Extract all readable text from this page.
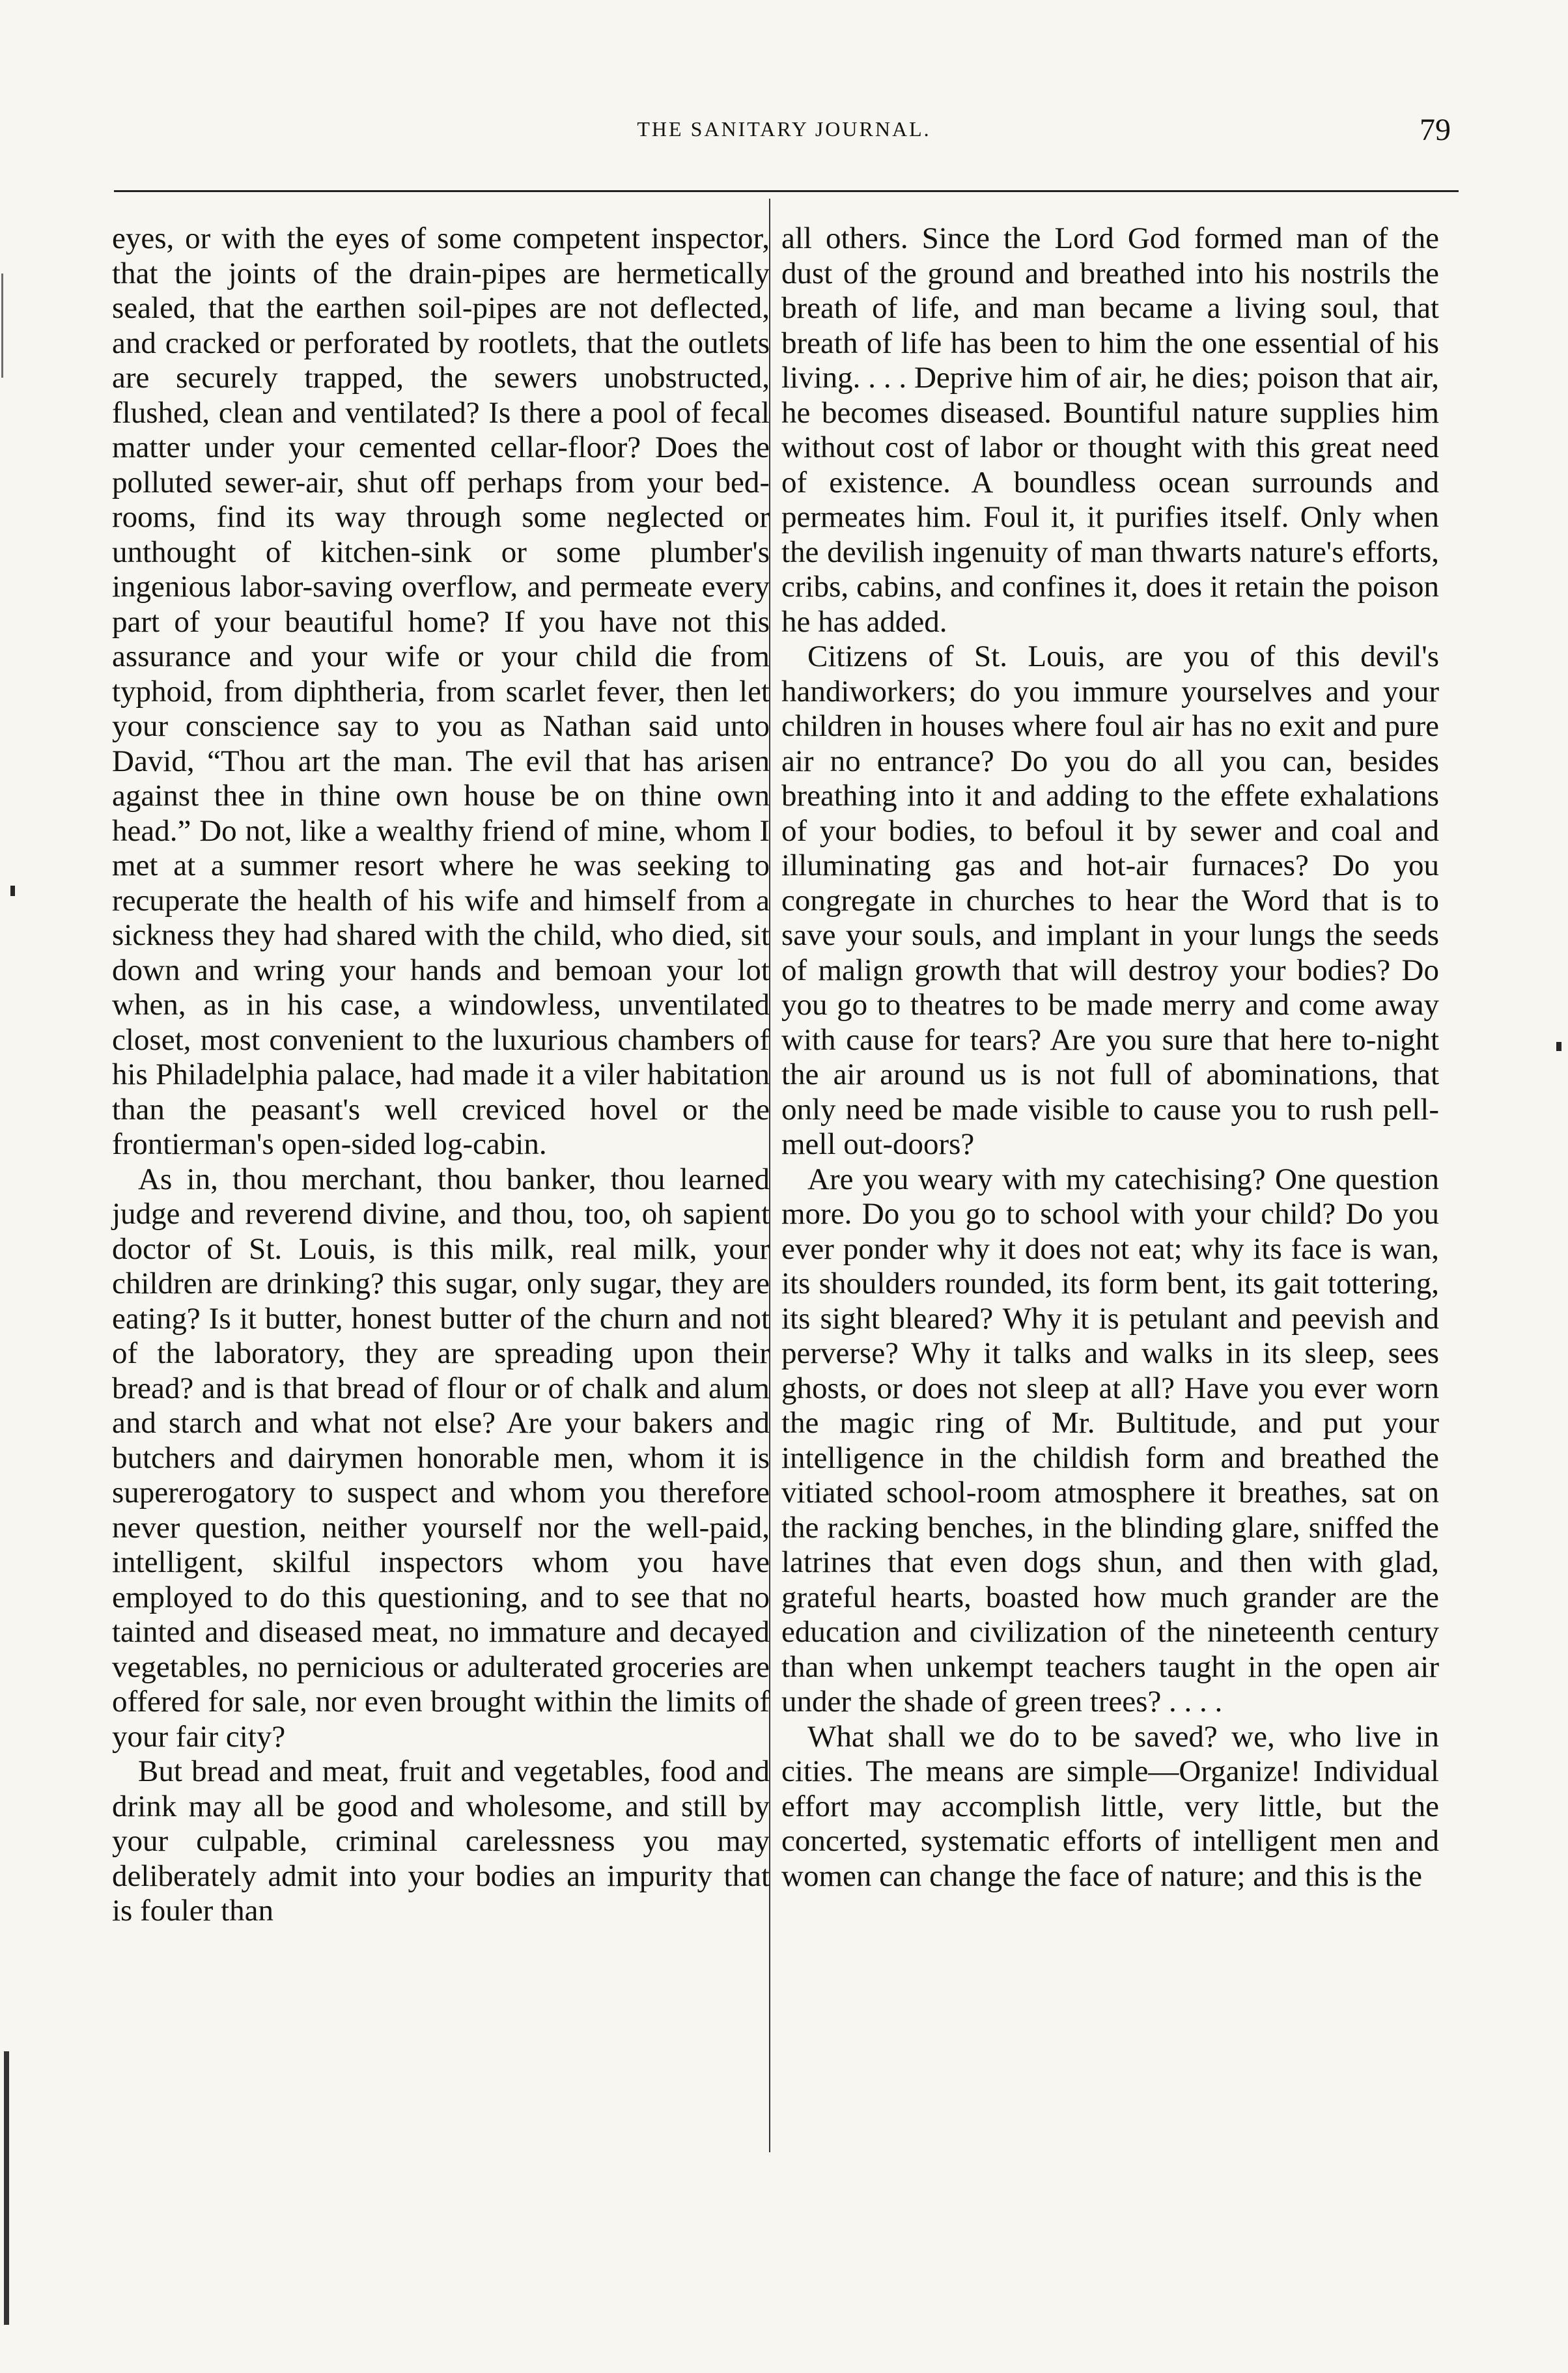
THE SANITARY JOURNAL.	79

eyes, or with the eyes of some competent inspector, that the joints of the drain-pipes are hermetically sealed, that the earthen soil-pipes are not deflected, and cracked or perforated by rootlets, that the outlets are securely trapped, the sewers unobstructed, flushed, clean and ventilated? Is there a pool of fecal matter under your cemented cellar-floor? Does the polluted sewer-air, shut off perhaps from your bed-rooms, find its way through some neglected or unthought of kitchen-sink or some plumber's ingenious labor-saving overflow, and permeate every part of your beautiful home? If you have not this assurance and your wife or your child die from typhoid, from diphtheria, from scarlet fever, then let your conscience say to you as Nathan said unto David, “Thou art the man. The evil that has arisen against thee in thine own house be on thine own head.” Do not, like a wealthy friend of mine, whom I met at a summer resort where he was seeking to recuperate the health of his wife and himself from a sickness they had shared with the child, who died, sit down and wring your hands and bemoan your lot when, as in his case, a windowless, unventilated closet, most convenient to the luxurious chambers of his Philadelphia palace, had made it a viler habitation than the peasant's well creviced hovel or the frontierman's open-sided log-cabin.

As in, thou merchant, thou banker, thou learned judge and reverend divine, and thou, too, oh sapient doctor of St. Louis, is this milk, real milk, your children are drinking? this sugar, only sugar, they are eating? Is it butter, honest butter of the churn and not of the laboratory, they are spreading upon their bread? and is that bread of flour or of chalk and alum and starch and what not else? Are your bakers and butchers and dairymen honorable men, whom it is supererogatory to suspect and whom you therefore never question, neither yourself nor the well-paid, intelligent, skilful inspectors whom you have employed to do this questioning, and to see that no tainted and diseased meat, no immature and decayed vegetables, no pernicious or adulterated groceries are offered for sale, nor even brought within the limits of your fair city?

But bread and meat, fruit and vegetables, food and drink may all be good and wholesome, and still by your culpable, criminal carelessness you may deliberately admit into your bodies an impurity that is fouler than

all others. Since the Lord God formed man of the dust of the ground and breathed into his nostrils the breath of life, and man became a living soul, that breath of life has been to him the one essential of his living. . . . Deprive him of air, he dies; poison that air, he becomes diseased. Bountiful nature supplies him without cost of labor or thought with this great need of existence. A boundless ocean surrounds and permeates him. Foul it, it purifies itself. Only when the devilish ingenuity of man thwarts nature's efforts, cribs, cabins, and confines it, does it retain the poison he has added.

Citizens of St. Louis, are you of this devil's handiworkers; do you immure yourselves and your children in houses where foul air has no exit and pure air no entrance? Do you do all you can, besides breathing into it and adding to the effete exhalations of your bodies, to befoul it by sewer and coal and illuminating gas and hot-air furnaces? Do you congregate in churches to hear the Word that is to save your souls, and implant in your lungs the seeds of malign growth that will destroy your bodies? Do you go to theatres to be made merry and come away with cause for tears? Are you sure that here to-night the air around us is not full of abominations, that only need be made visible to cause you to rush pell-mell out-doors?

Are you weary with my catechising? One question more. Do you go to school with your child? Do you ever ponder why it does not eat; why its face is wan, its shoulders rounded, its form bent, its gait tottering, its sight bleared? Why it is petulant and peevish and perverse? Why it talks and walks in its sleep, sees ghosts, or does not sleep at all? Have you ever worn the magic ring of Mr. Bultitude, and put your intelligence in the childish form and breathed the vitiated school-room atmosphere it breathes, sat on the racking benches, in the blinding glare, sniffed the latrines that even dogs shun, and then with glad, grateful hearts, boasted how much grander are the education and civilization of the nineteenth century than when unkempt teachers taught in the open air under the shade of green trees? . . . .

What shall we do to be saved? we, who live in cities. The means are simple—Organize! Individual effort may accomplish little, very little, but the concerted, systematic efforts of intelligent men and women can change the face of nature; and this is the
